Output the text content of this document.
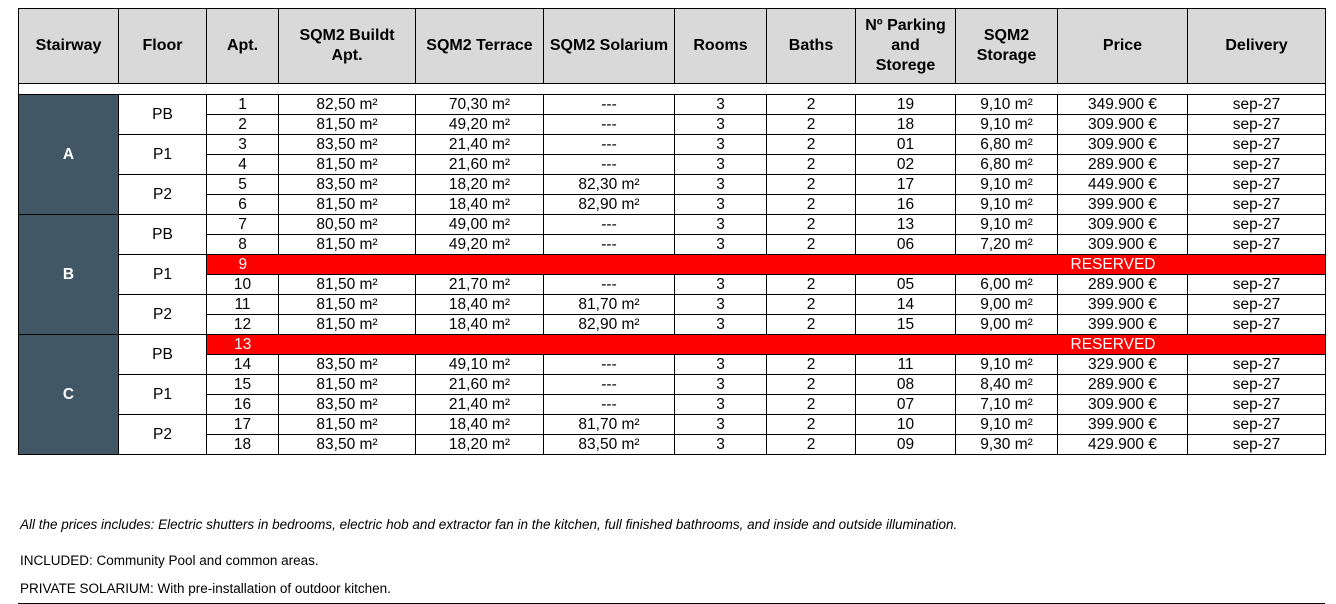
Stairway	Floor	Apt.	SQM2 Buildt Apt.	SQM2 Terrace	SQM2 Solarium	Rooms	Baths	Nº Parking and Storege	SQM2 Storage	Price	Delivery

A	PB	1	82,50 m²	70,30 m²	---	3	2	19	9,10 m²	349.900 €	sep-27
		2	81,50 m²	49,20 m²	---	3	2	18	9,10 m²	309.900 €	sep-27
	P1	3	83,50 m²	21,40 m²	---	3	2	01	6,80 m²	309.900 €	sep-27
		4	81,50 m²	21,60 m²	---	3	2	02	6,80 m²	289.900 €	sep-27
	P2	5	83,50 m²	18,20 m²	82,30 m²	3	2	17	9,10 m²	449.900 €	sep-27
		6	81,50 m²	18,40 m²	82,90 m²	3	2	16	9,10 m²	399.900 €	sep-27
B	PB	7	80,50 m²	49,00 m²	---	3	2	13	9,10 m²	309.900 €	sep-27
		8	81,50 m²	49,20 m²	---	3	2	06	7,20 m²	309.900 €	sep-27
	P1	9								RESERVED	
		10	81,50 m²	21,70 m²	---	3	2	05	6,00 m²	289.900 €	sep-27
	P2	11	81,50 m²	18,40 m²	81,70 m²	3	2	14	9,00 m²	399.900 €	sep-27
		12	81,50 m²	18,40 m²	82,90 m²	3	2	15	9,00 m²	399.900 €	sep-27
C	PB	13								RESERVED	
		14	83,50 m²	49,10 m²	---	3	2	11	9,10 m²	329.900 €	sep-27
	P1	15	81,50 m²	21,60 m²	---	3	2	08	8,40 m²	289.900 €	sep-27
		16	83,50 m²	21,40 m²	---	3	2	07	7,10 m²	309.900 €	sep-27
	P2	17	81,50 m²	18,40 m²	81,70 m²	3	2	10	9,10 m²	399.900 €	sep-27
		18	83,50 m²	18,20 m²	83,50 m²	3	2	09	9,30 m²	429.900 €	sep-27

All the prices includes: Electric shutters in bedrooms, electric hob and extractor fan in the kitchen, full finished bathrooms, and inside and outside illumination.

INCLUDED: Community Pool and common areas.

PRIVATE SOLARIUM: With pre-installation of outdoor kitchen.
